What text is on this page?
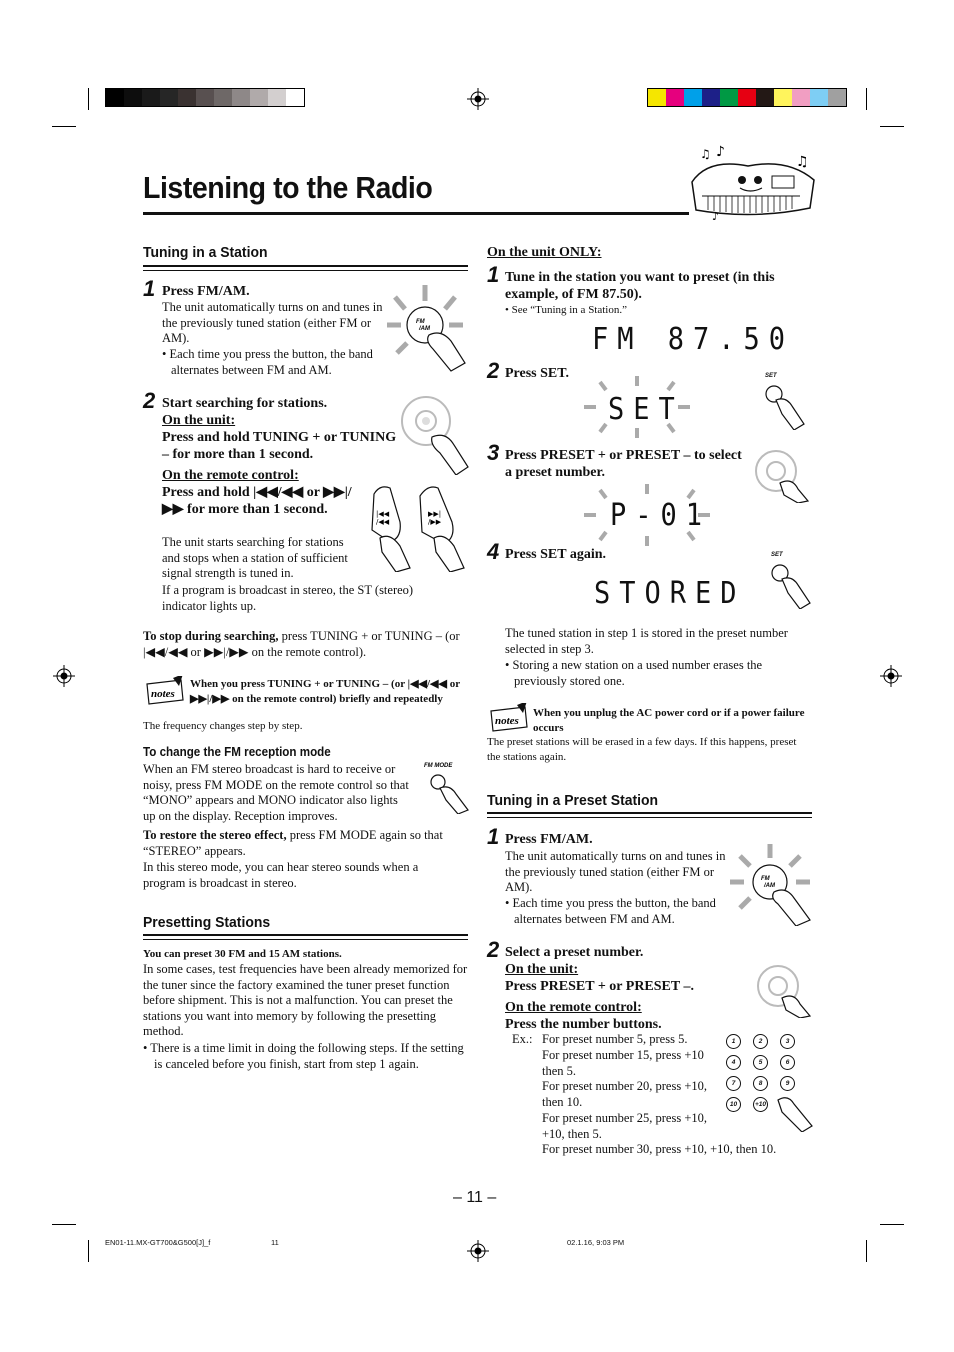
Listening to the Radio
♫ ♪
♫
♪
Tuning in a Station
1 Press FM/AM.
The unit automatically turns on and tunes in the previously tuned station (either FM or AM).
• Each time you press the button, the band alternates between FM and AM.
FM
/AM
2 Start searching for stations.
On the unit:
Press and hold TUNING + or TUNING – for more than 1 second.
On the remote control:
Press and hold |◀◀/◀◀ or ▶▶|/▶▶ for more than 1 second.
The unit starts searching for stations and stops when a station of sufficient signal strength is tuned in.
If a program is broadcast in stereo, the ST (stereo) indicator lights up.
|◀◀
/◀◀
▶▶|
/▶▶
To stop during searching, press TUNING + or TUNING – (or |◀◀/◀◀ or ▶▶|/▶▶ on the remote control).
notes
When you press TUNING + or TUNING – (or |◀◀/◀◀ or ▶▶|/▶▶ on the remote control) briefly and repeatedly
The frequency changes step by step.
To change the FM reception mode
When an FM stereo broadcast is hard to receive or noisy, press FM MODE on the remote control so that “MONO” appears and MONO indicator also lights up on the display. Reception improves.
FM MODE
To restore the stereo effect, press FM MODE again so that “STEREO” appears.
In this stereo mode, you can hear stereo sounds when a program is broadcast in stereo.
Presetting Stations
You can preset 30 FM and 15 AM stations.
In some cases, test frequencies have been already memorized for the tuner since the factory examined the tuner preset function before shipment. This is not a malfunction. You can preset the stations you want into memory by following the presetting method.
• There is a time limit in doing the following steps. If the setting is canceled before you finish, start from step 1 again.
On the unit ONLY:
1 Tune in the station you want to preset (in this example, of FM 87.50).
• See “Tuning in a Station.”
FM 87.50
2 Press SET.
SET
SET
3 Press PRESET + or PRESET – to select a preset number.
P-01
4 Press SET again.
STORED
SET
The tuned station in step 1 is stored in the preset number selected in step 3.
• Storing a new station on a used number erases the previously stored one.
notes
When you unplug the AC power cord or if a power failure occurs
The preset stations will be erased in a few days. If this happens, preset the stations again.
Tuning in a Preset Station
1 Press FM/AM.
The unit automatically turns on and tunes in the previously tuned station (either FM or AM).
• Each time you press the button, the band alternates between FM and AM.
FM
/AM
2 Select a preset number.
On the unit:
Press PRESET + or PRESET –.
On the remote control:
Press the number buttons.
Ex.: For preset number 5, press 5.
For preset number 15, press +10 then 5.
For preset number 20, press +10, then 10.
For preset number 25, press +10, +10, then 5.
For preset number 30, press +10, +10, then 10.
1	2	3
4	5	6
7	8	9
10	+10
– 11 –
EN01-11.MX-GT700&G500[J]_f	11	02.1.16, 9:03 PM
